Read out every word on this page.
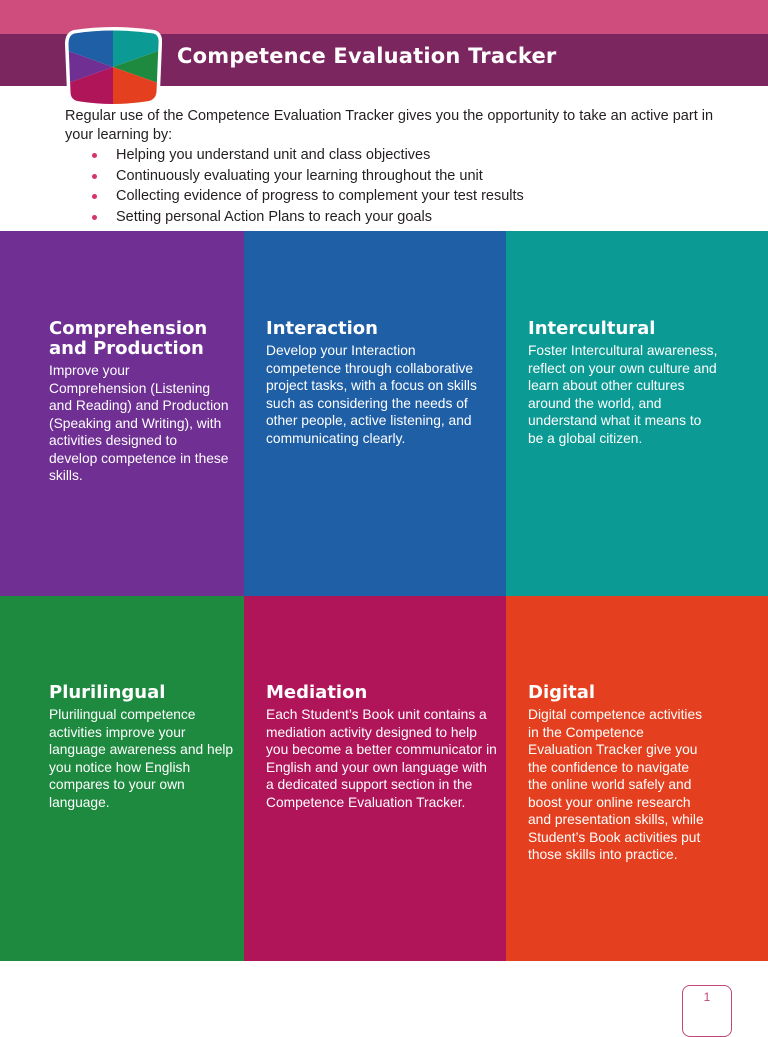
Competence Evaluation Tracker
Regular use of the Competence Evaluation Tracker gives you the opportunity to take an active part in your learning by:
Helping you understand unit and class objectives
Continuously evaluating your learning throughout the unit
Collecting evidence of progress to complement your test results
Setting personal Action Plans to reach your goals
Comprehension and Production

Improve your Comprehension (Listening and Reading) and Production (Speaking and Writing), with activities designed to develop competence in these skills.

Interaction

Develop your Interaction competence through collaborative project tasks, with a focus on skills such as considering the needs of other people, active listening, and communicating clearly.

Intercultural

Foster Intercultural awareness, reflect on your own culture and learn about other cultures around the world, and understand what it means to be a global citizen.

Plurilingual

Plurilingual competence activities improve your language awareness and help you notice how English compares to your own language.

Mediation

Each Student’s Book unit contains a mediation activity designed to help you become a better communicator in English and your own language with a dedicated support section in the Competence Evaluation Tracker.

Digital

Digital competence activities in the Competence Evaluation Tracker give you the confidence to navigate the online world safely and boost your online research and presentation skills, while Student’s Book activities put those skills into practice.

1
